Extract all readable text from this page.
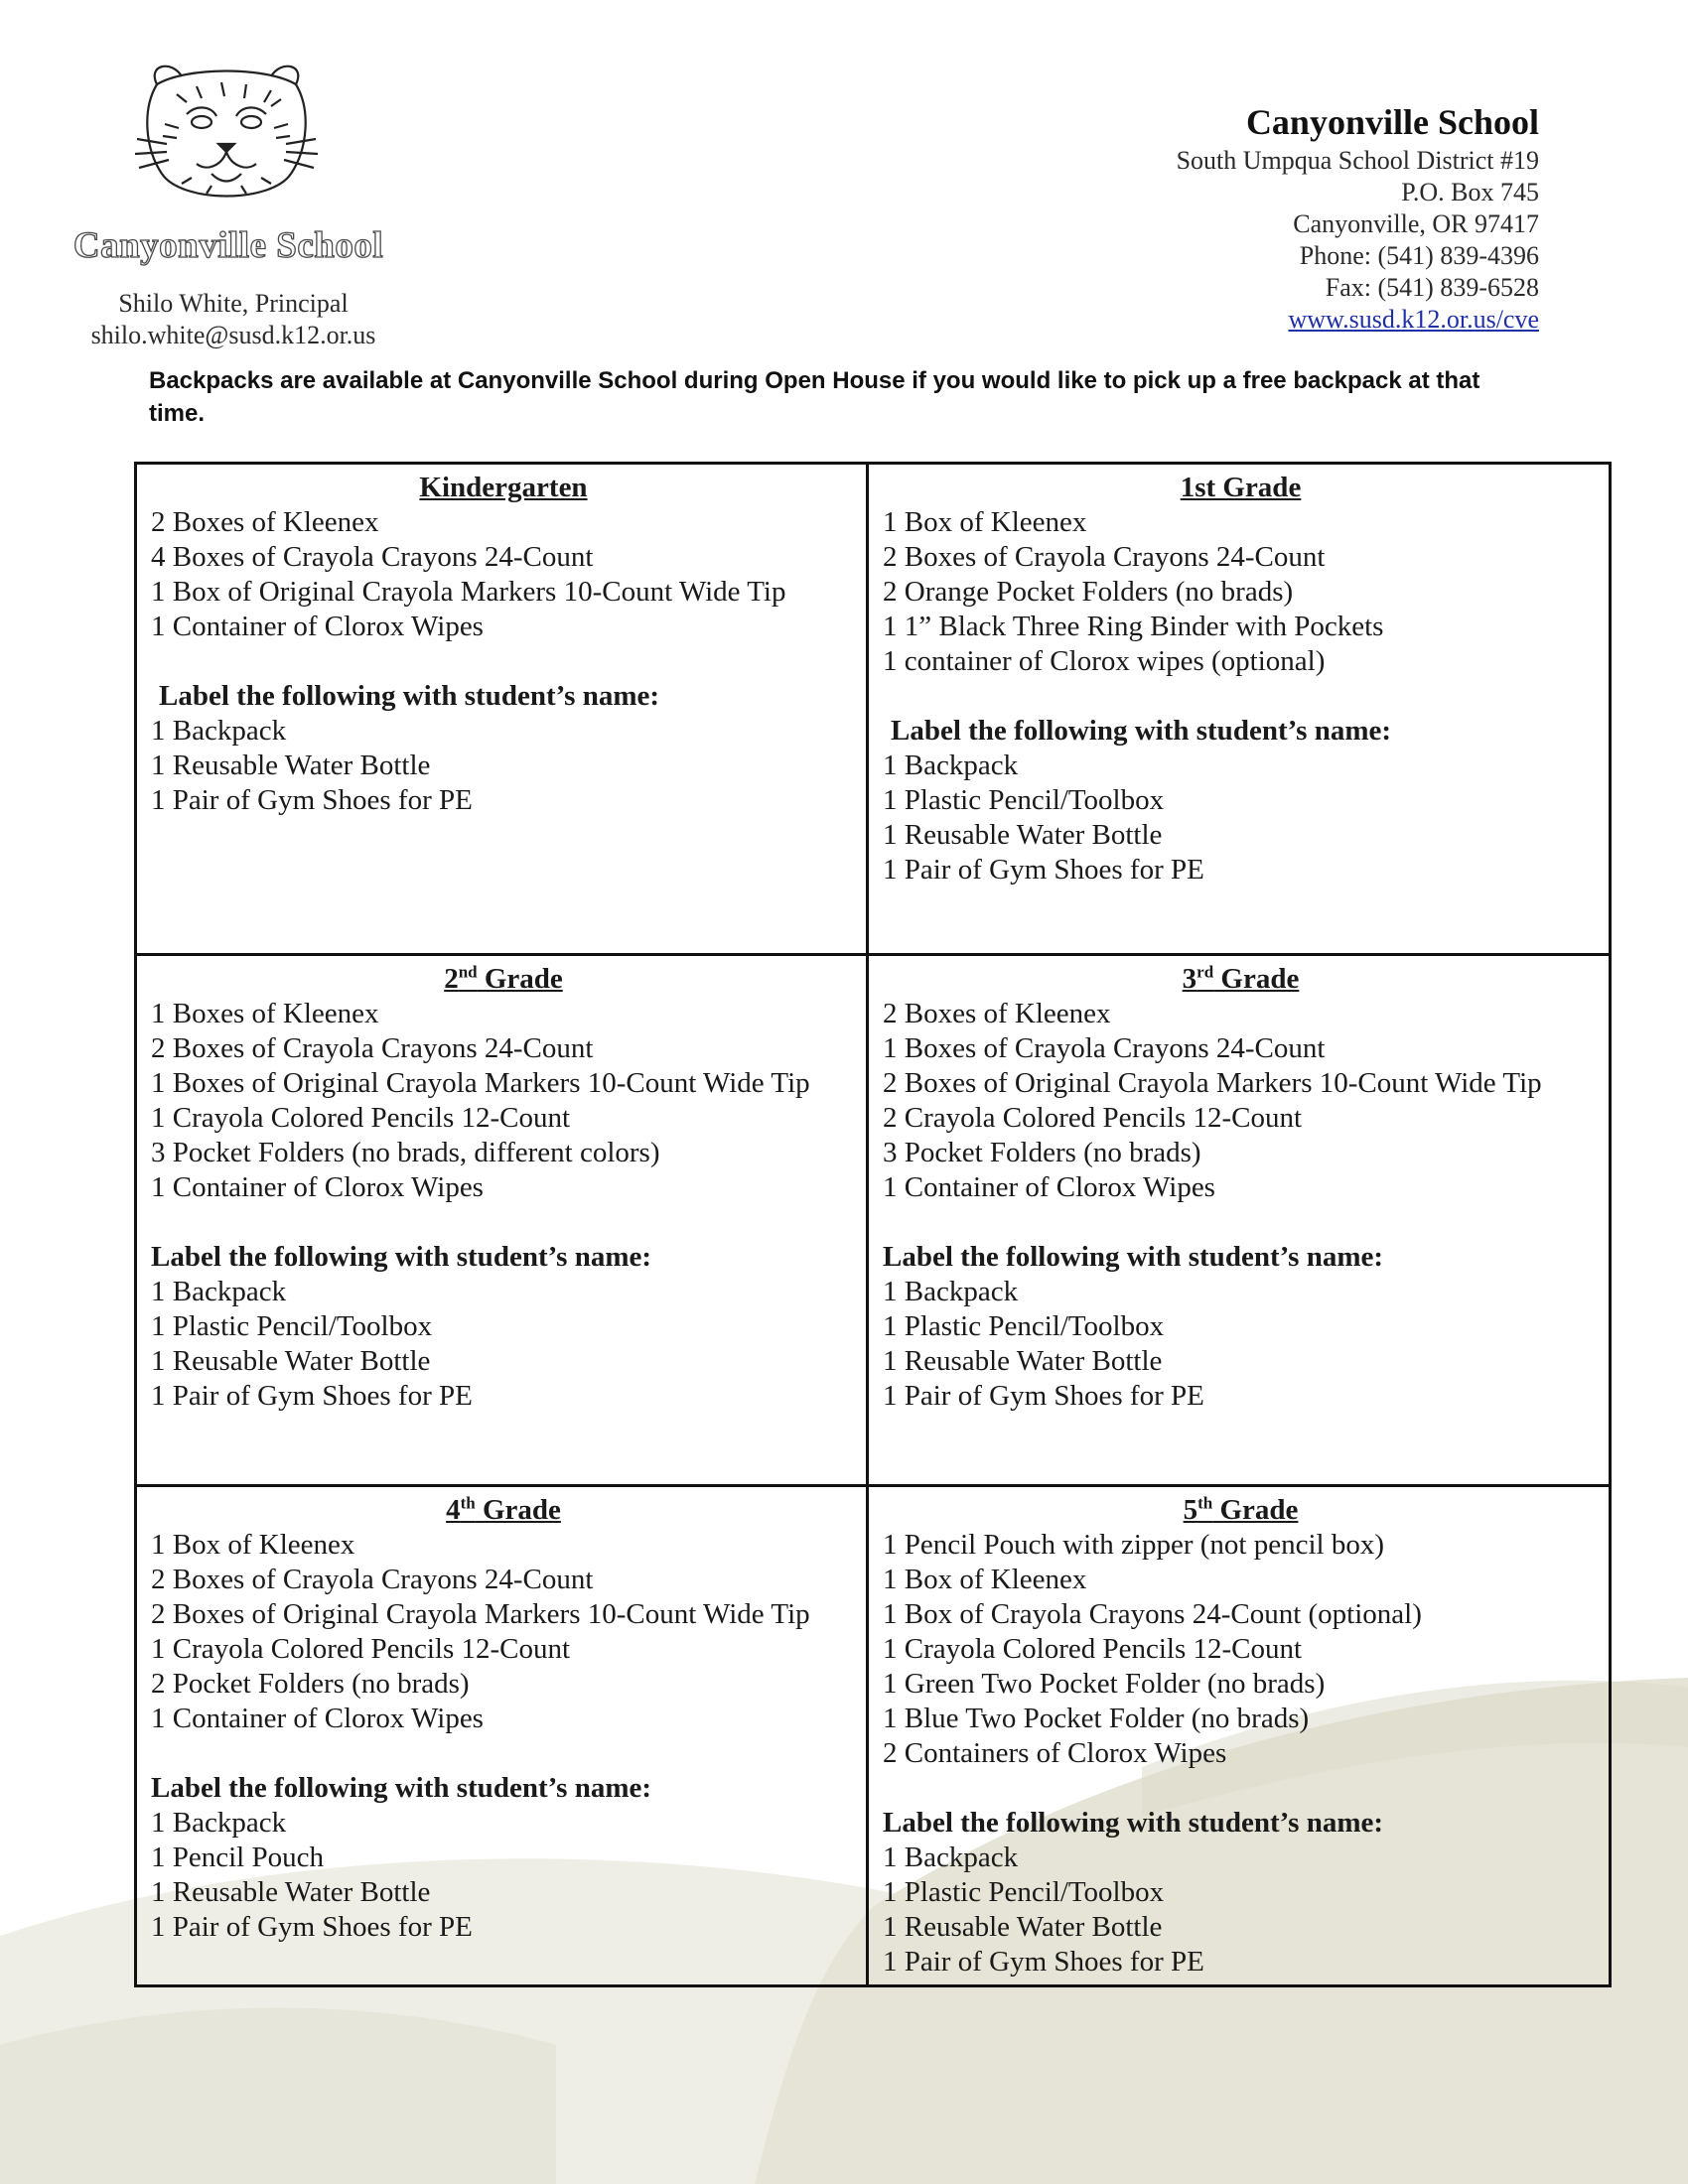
Canyonville School
Shilo White, Principal
shilo.white@susd.k12.or.us
Canyonville School
South Umpqua School District #19
P.O. Box 745
Canyonville, OR 97417
Phone: (541) 839-4396
Fax: (541) 839-6528
www.susd.k12.or.us/cve
Backpacks are available at Canyonville School during Open House if you would like to pick up a free backpack at that time.
Kindergarten
2 Boxes of Kleenex
4 Boxes of Crayola Crayons 24-Count
1 Box of Original Crayola Markers 10-Count Wide Tip
1 Container of Clorox Wipes
Label the following with student’s name:
1 Backpack
1 Reusable Water Bottle
1 Pair of Gym Shoes for PE
1st Grade
1 Box of Kleenex
2 Boxes of Crayola Crayons 24-Count
2 Orange Pocket Folders (no brads)
1 1” Black Three Ring Binder with Pockets
1 container of Clorox wipes (optional)
Label the following with student’s name:
1 Backpack
1 Plastic Pencil/Toolbox
1 Reusable Water Bottle
1 Pair of Gym Shoes for PE
2nd Grade
1 Boxes of Kleenex
2 Boxes of Crayola Crayons 24-Count
1 Boxes of Original Crayola Markers 10-Count Wide Tip
1 Crayola Colored Pencils 12-Count
3 Pocket Folders (no brads, different colors)
1 Container of Clorox Wipes
Label the following with student’s name:
1 Backpack
1 Plastic Pencil/Toolbox
1 Reusable Water Bottle
1 Pair of Gym Shoes for PE
3rd Grade
2 Boxes of Kleenex
1 Boxes of Crayola Crayons 24-Count
2 Boxes of Original Crayola Markers 10-Count Wide Tip
2 Crayola Colored Pencils 12-Count
3 Pocket Folders (no brads)
1 Container of Clorox Wipes
Label the following with student’s name:
1 Backpack
1 Plastic Pencil/Toolbox
1 Reusable Water Bottle
1 Pair of Gym Shoes for PE
4th Grade
1 Box of Kleenex
2 Boxes of Crayola Crayons 24-Count
2 Boxes of Original Crayola Markers 10-Count Wide Tip
1 Crayola Colored Pencils 12-Count
2 Pocket Folders (no brads)
1 Container of Clorox Wipes
Label the following with student’s name:
1 Backpack
1 Pencil Pouch
1 Reusable Water Bottle
1 Pair of Gym Shoes for PE
5th Grade
1 Pencil Pouch with zipper (not pencil box)
1 Box of Kleenex
1 Box of Crayola Crayons 24-Count (optional)
1 Crayola Colored Pencils 12-Count
1 Green Two Pocket Folder (no brads)
1 Blue Two Pocket Folder (no brads)
2 Containers of Clorox Wipes
Label the following with student’s name:
1 Backpack
1 Plastic Pencil/Toolbox
1 Reusable Water Bottle
1 Pair of Gym Shoes for PE
